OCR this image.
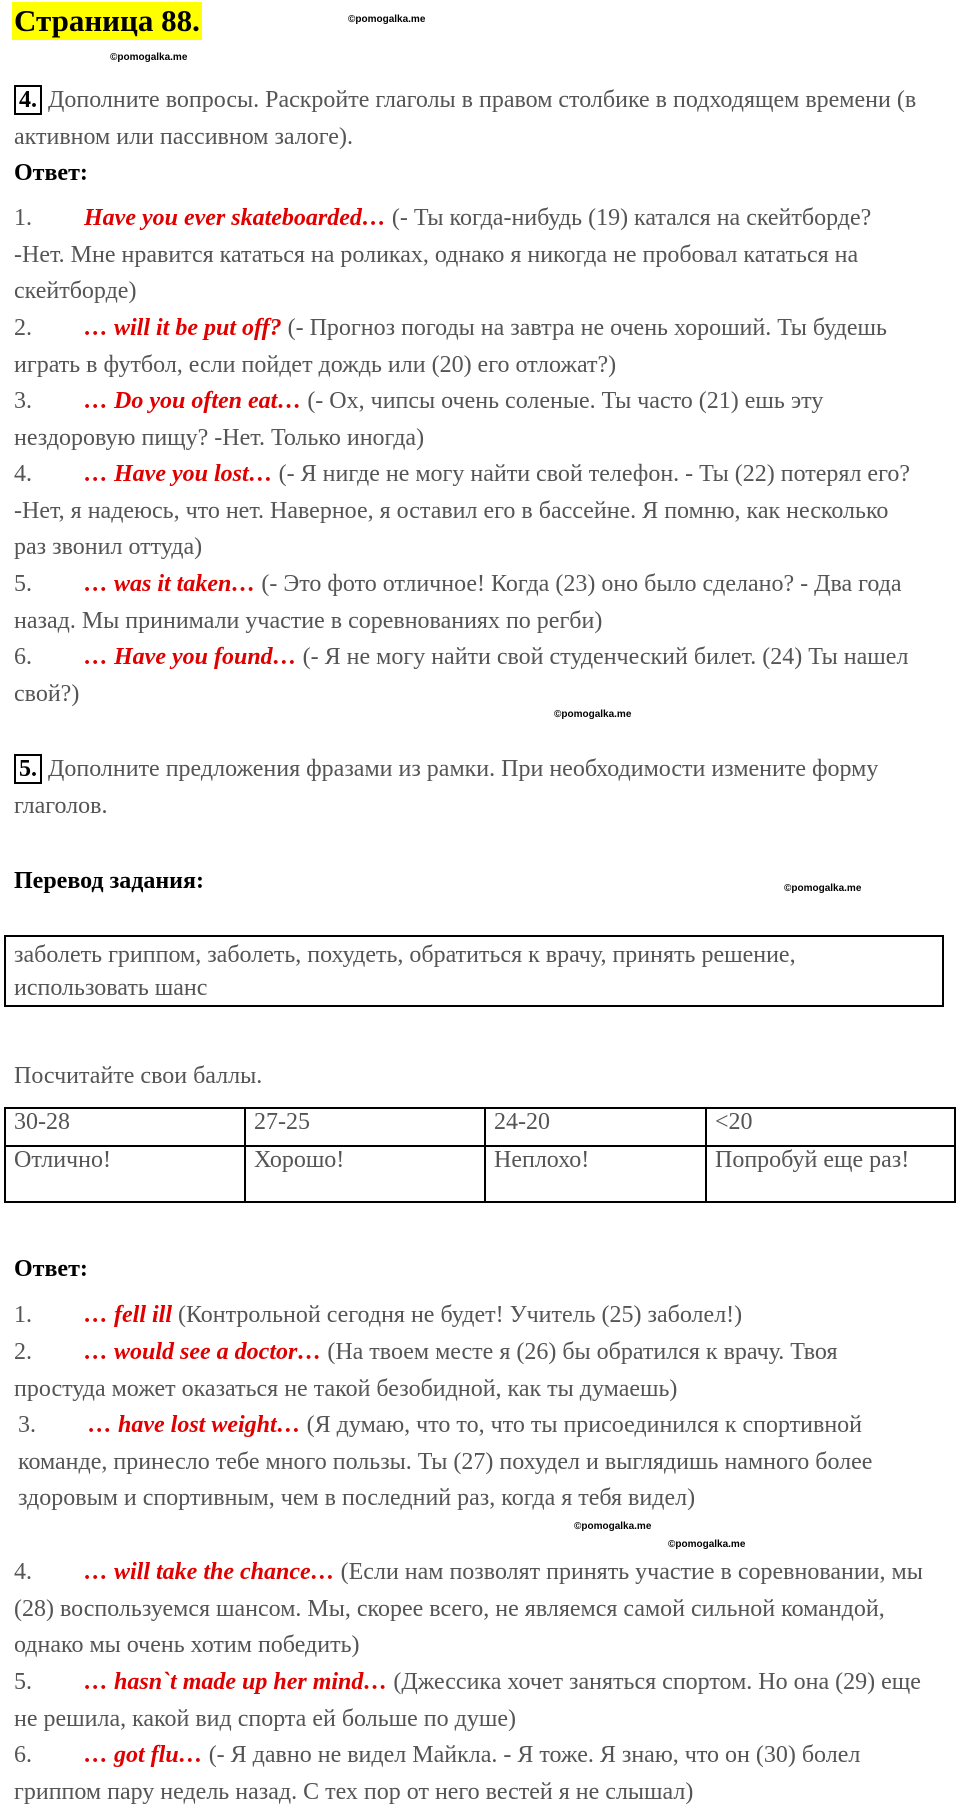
Страница 88.	©pomogalka.me
©pomogalka.me
4. Дополните вопросы. Раскройте глаголы в правом столбике в подходящем времени (в активном или пассивном залоге).
Ответ:
1. Have you ever skateboarded… (- Ты когда-нибудь (19) катался на скейтборде? -Нет. Мне нравится кататься на роликах, однако я никогда не пробовал кататься на скейтборде)
2. … will it be put off? (- Прогноз погоды на завтра не очень хороший. Ты будешь играть в футбол, если пойдет дождь или (20) его отложат?)
3. … Do you often eat… (- Ох, чипсы очень соленые. Ты часто (21) ешь эту нездоровую пищу? -Нет. Только иногда)
4. … Have you lost… (- Я нигде не могу найти свой телефон. - Ты (22) потерял его? -Нет, я надеюсь, что нет. Наверное, я оставил его в бассейне. Я помню, как несколько раз звонил оттуда)
5. … was it taken… (- Это фото отличное! Когда (23) оно было сделано? - Два года назад. Мы принимали участие в соревнованиях по регби)
6. … Have you found… (- Я не могу найти свой студенческий билет. (24) Ты нашел свой?)
©pomogalka.me
5. Дополните предложения фразами из рамки. При необходимости измените форму глаголов.
Перевод задания:	©pomogalka.me
заболеть гриппом, заболеть, похудеть, обратиться к врачу, принять решение, использовать шанс
Посчитайте свои баллы.
30-28	27-25	24-20	<20
Отлично!	Хорошо!	Неплохо!	Попробуй еще раз!
Ответ:
1. … fell ill (Контрольной сегодня не будет! Учитель (25) заболел!)
2. … would see a doctor… (На твоем месте я (26) бы обратился к врачу. Твоя простуда может оказаться не такой безобидной, как ты думаешь)
3. … have lost weight… (Я думаю, что то, что ты присоединился к спортивной команде, принесло тебе много пользы. Ты (27) похудел и выглядишь намного более здоровым и спортивным, чем в последний раз, когда я тебя видел)
©pomogalka.me
©pomogalka.me
4. … will take the chance… (Если нам позволят принять участие в соревновании, мы (28) воспользуемся шансом. Мы, скорее всего, не являемся самой сильной командой, однако мы очень хотим победить)
5. … hasn`t made up her mind… (Джессика хочет заняться спортом. Но она (29) еще не решила, какой вид спорта ей больше по душе)
6. … got flu… (- Я давно не видел Майкла. - Я тоже. Я знаю, что он (30) болел гриппом пару недель назад. С тех пор от него вестей я не слышал)
